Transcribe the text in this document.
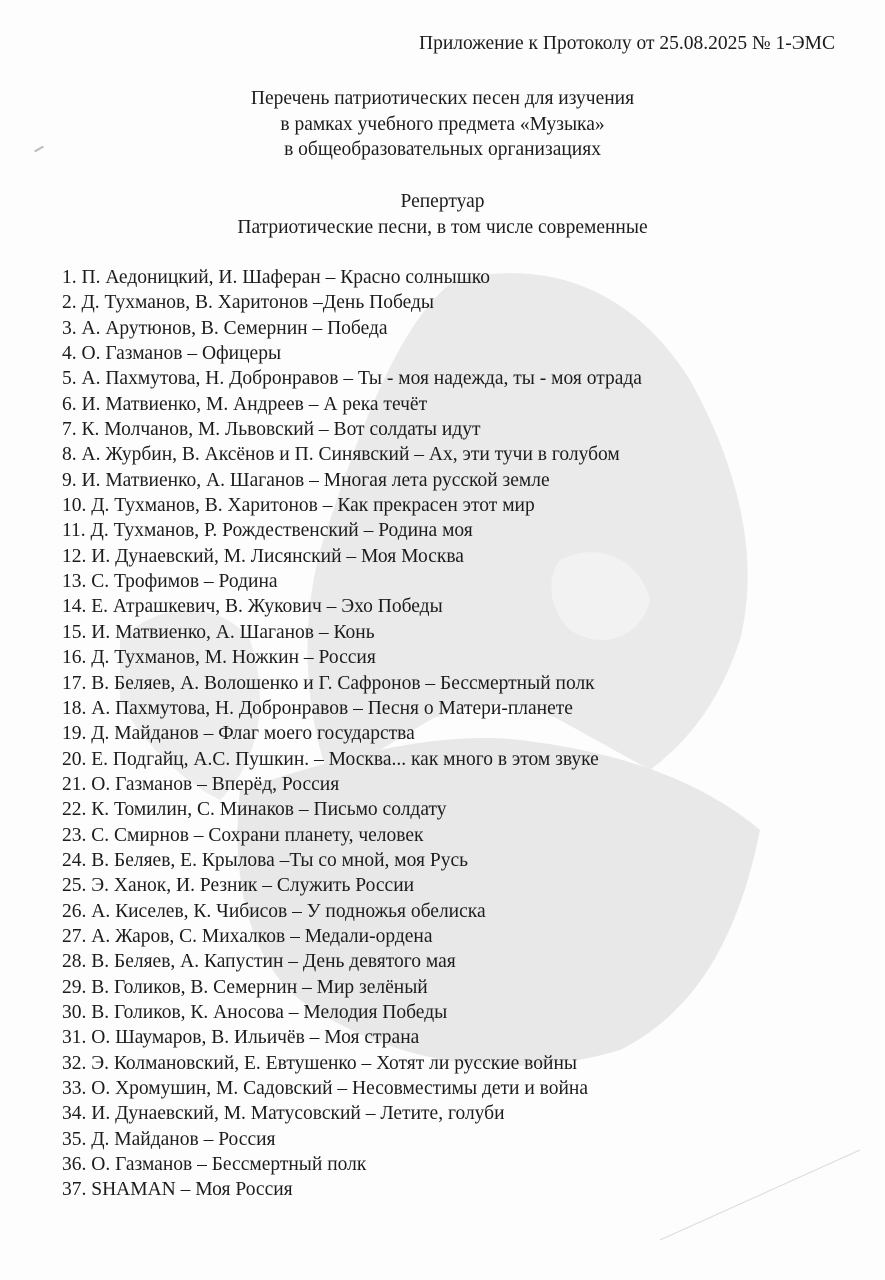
Приложение к Протоколу от 25.08.2025 № 1-ЭМС
Перечень патриотических песен для изучения
в рамках учебного предмета «Музыка»
в общеобразовательных организациях
Репертуар
Патриотические песни, в том числе современные
1. П. Аедоницкий, И. Шаферан – Красно солнышко
2. Д. Тухманов, В. Харитонов –День Победы
3. А. Арутюнов, В. Семернин – Победа
4. О. Газманов – Офицеры
5. А. Пахмутова, Н. Добронравов – Ты - моя надежда, ты - моя отрада
6. И. Матвиенко, М. Андреев – А река течёт
7. К. Молчанов, М. Львовский – Вот солдаты идут
8. А. Журбин, В. Аксёнов и П. Синявский – Ах, эти тучи в голубом
9. И. Матвиенко, А. Шаганов – Многая лета русской земле
10. Д. Тухманов, В. Харитонов – Как прекрасен этот мир
11. Д. Тухманов, Р. Рождественский – Родина моя
12. И. Дунаевский, М. Лисянский – Моя Москва
13. С. Трофимов – Родина
14. Е. Атрашкевич, В. Жукович – Эхо Победы
15. И. Матвиенко, А. Шаганов – Конь
16. Д. Тухманов, М. Ножкин – Россия
17. В. Беляев, А. Волошенко и Г. Сафронов – Бессмертный полк
18. А. Пахмутова, Н. Добронравов – Песня о Матери-планете
19. Д. Майданов – Флаг моего государства
20. Е. Подгайц, А.С. Пушкин. – Москва... как много в этом звуке
21. О. Газманов – Вперёд, Россия
22. К. Томилин, С. Минаков – Письмо солдату
23. С. Смирнов – Сохрани планету, человек
24. В. Беляев, Е. Крылова –Ты со мной, моя Русь
25. Э. Ханок, И. Резник – Служить России
26. А. Киселев, К. Чибисов – У подножья обелиска
27. А. Жаров, С. Михалков – Медали-ордена
28. В. Беляев, А. Капустин – День девятого мая
29. В. Голиков, В. Семернин – Мир зелёный
30. В. Голиков, К. Аносова – Мелодия Победы
31. О. Шаумаров, В. Ильичёв – Моя страна
32. Э. Колмановский, Е. Евтушенко – Хотят ли русские войны
33. О. Хромушин, М. Садовский – Несовместимы дети и война
34. И. Дунаевский, М. Матусовский – Летите, голуби
35. Д. Майданов – Россия
36. О. Газманов – Бессмертный полк
37. SHAMAN – Моя Россия
